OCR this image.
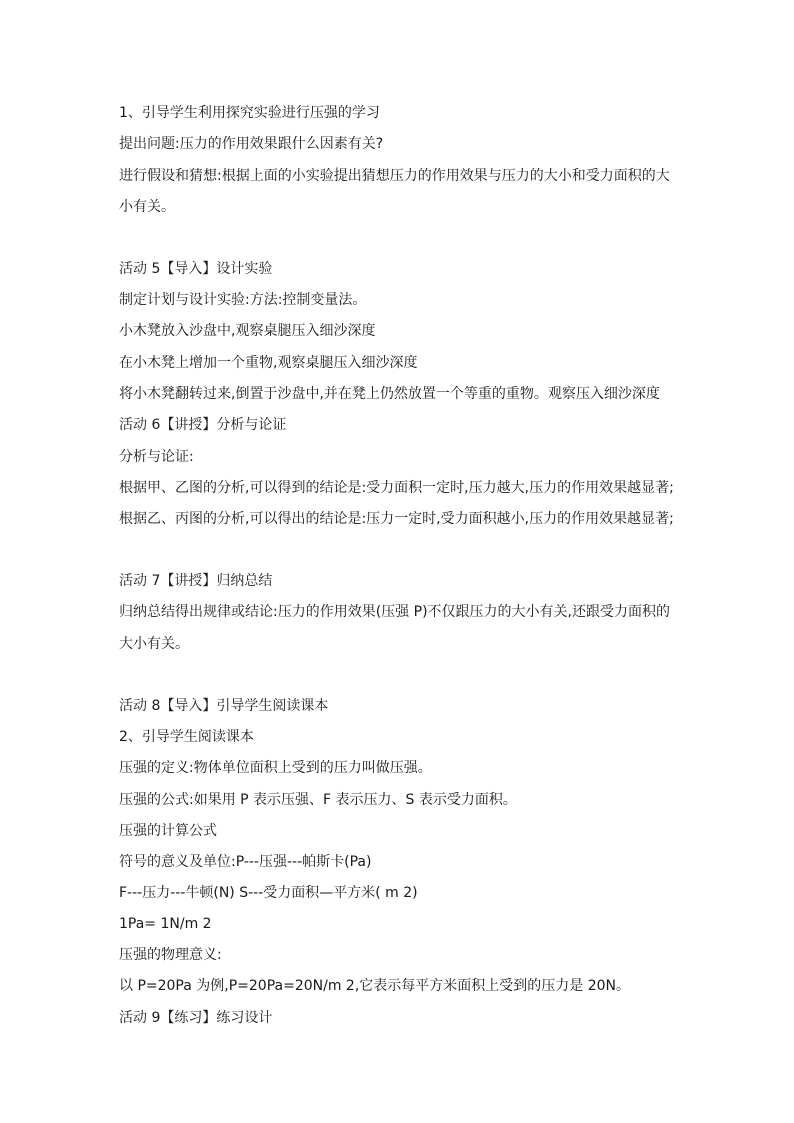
1、引导学生利用探究实验进行压强的学习
提出问题:压力的作用效果跟什么因素有关?
进行假设和猜想:根据上面的小实验提出猜想压力的作用效果与压力的大小和受力面积的大
小有关。
活动 5【导入】设计实验
制定计划与设计实验:方法:控制变量法。
小木凳放入沙盘中,观察桌腿压入细沙深度
在小木凳上增加一个重物,观察桌腿压入细沙深度
将小木凳翻转过来,倒置于沙盘中,并在凳上仍然放置一个等重的重物。观察压入细沙深度
活动 6【讲授】分析与论证
分析与论证:
根据甲、乙图的分析,可以得到的结论是:受力面积一定时,压力越大,压力的作用效果越显著;
根据乙、丙图的分析,可以得出的结论是:压力一定时,受力面积越小,压力的作用效果越显著;
活动 7【讲授】归纳总结
归纳总结得出规律或结论:压力的作用效果(压强 P)不仅跟压力的大小有关,还跟受力面积的
大小有关。
活动 8【导入】引导学生阅读课本
2、引导学生阅读课本
压强的定义:物体单位面积上受到的压力叫做压强。
压强的公式:如果用 P 表示压强、F 表示压力、S 表示受力面积。
压强的计算公式
符号的意义及单位:P---压强---帕斯卡(Pa)
F---压力---牛顿(N) S---受力面积—平方米( m 2)
1Pa= 1N/m 2
压强的物理意义:
以 P=20Pa 为例,P=20Pa=20N/m 2,它表示每平方米面积上受到的压力是 20N。
活动 9【练习】练习设计
